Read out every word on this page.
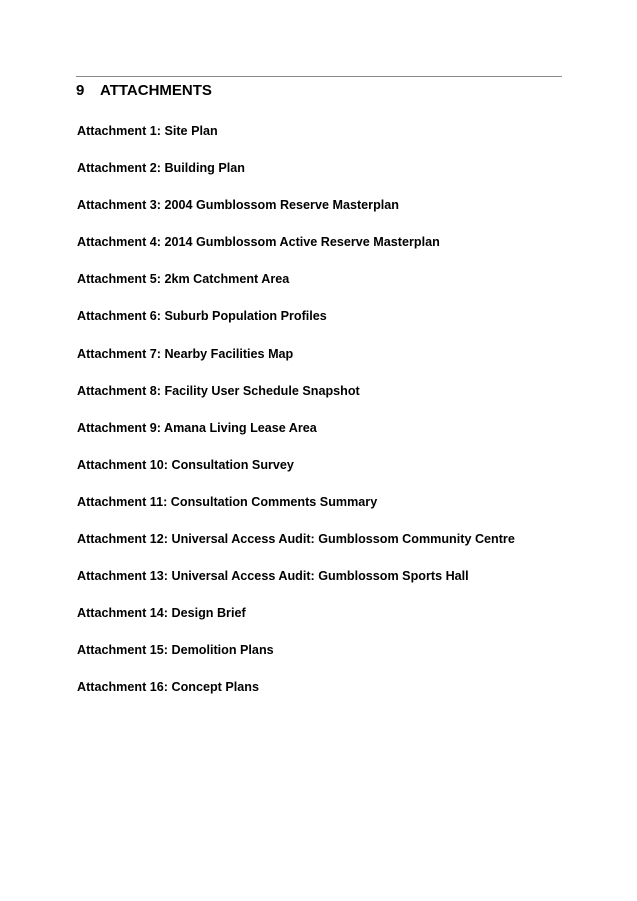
9 ATTACHMENTS
Attachment 1: Site Plan
Attachment 2: Building Plan
Attachment 3: 2004 Gumblossom Reserve Masterplan
Attachment 4: 2014 Gumblossom Active Reserve Masterplan
Attachment 5: 2km Catchment Area
Attachment 6: Suburb Population Profiles
Attachment 7: Nearby Facilities Map
Attachment 8: Facility User Schedule Snapshot
Attachment 9: Amana Living Lease Area
Attachment 10: Consultation Survey
Attachment 11: Consultation Comments Summary
Attachment 12: Universal Access Audit: Gumblossom Community Centre
Attachment 13: Universal Access Audit: Gumblossom Sports Hall
Attachment 14: Design Brief
Attachment 15: Demolition Plans
Attachment 16: Concept Plans
